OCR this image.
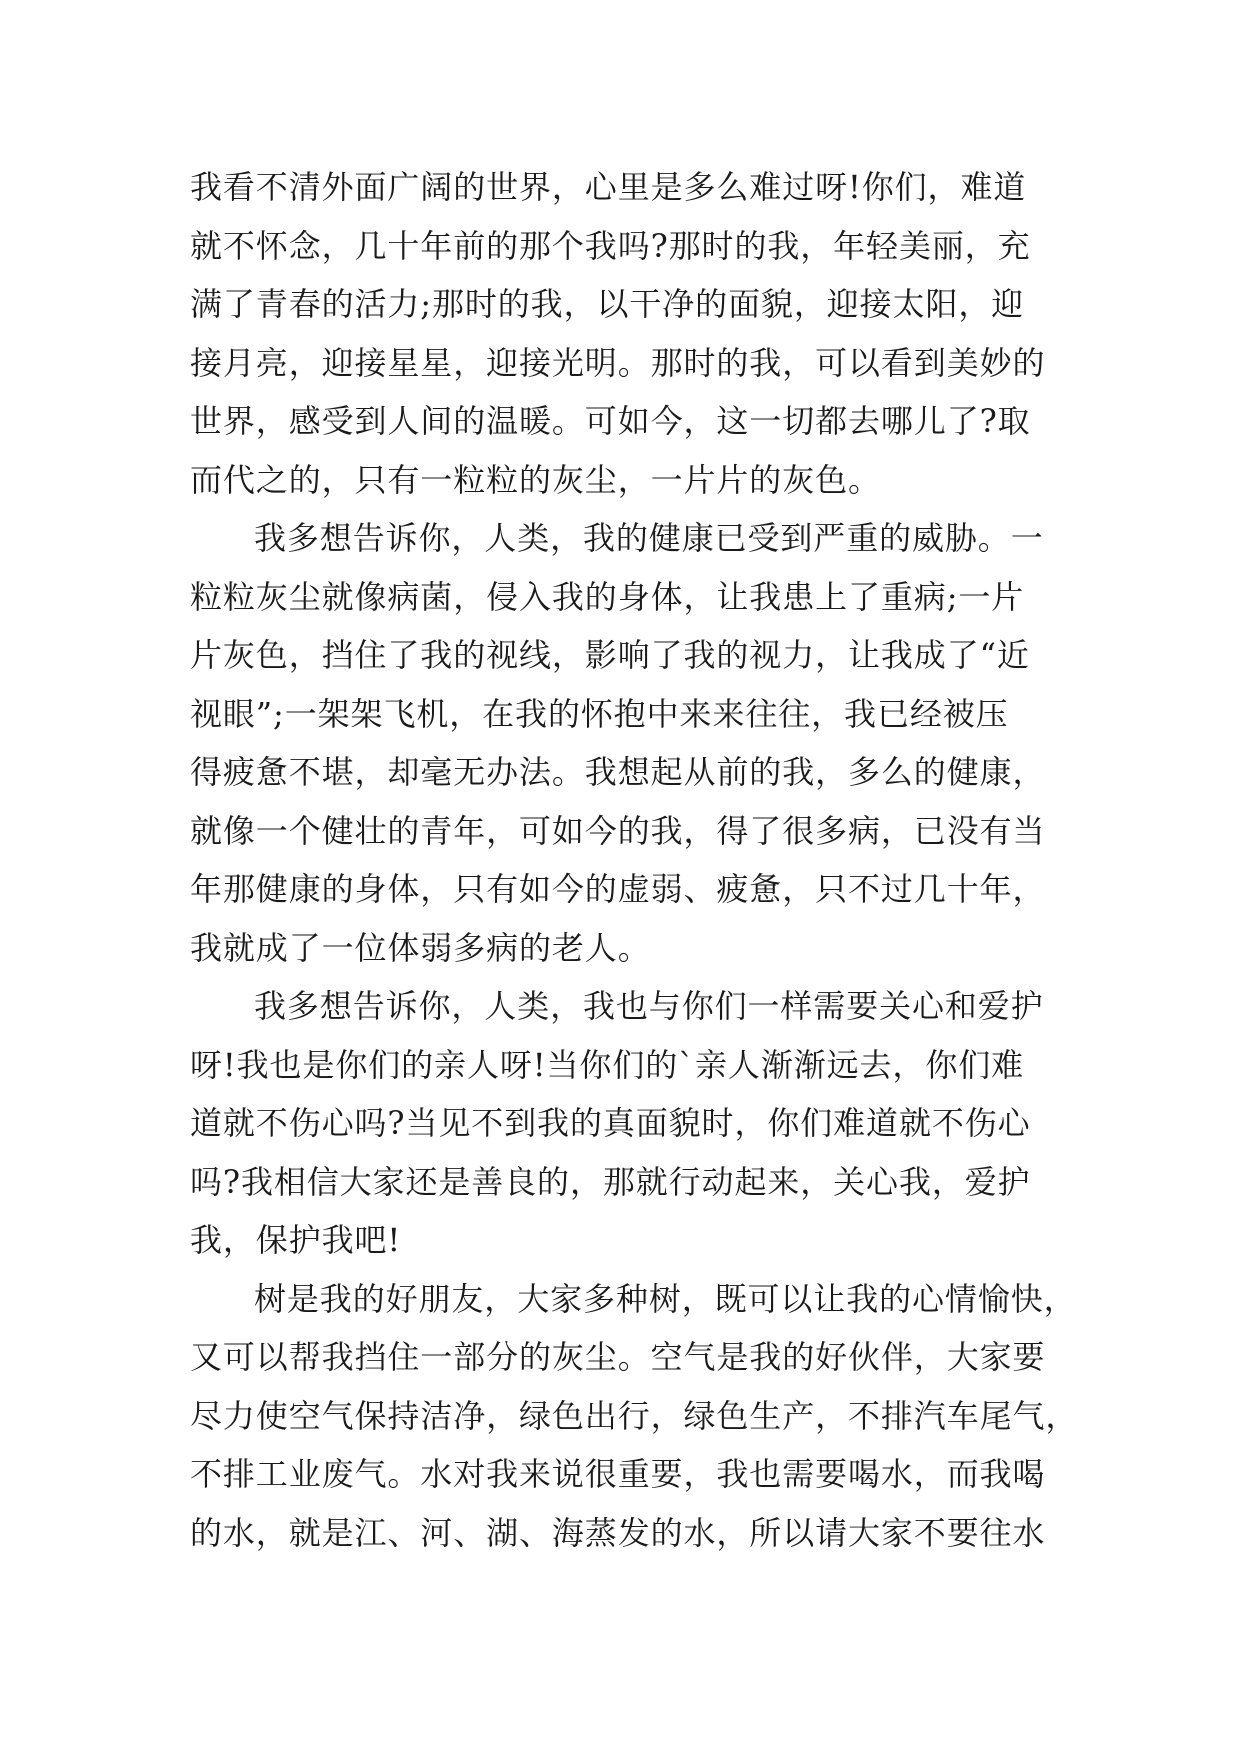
我看不清外面广阔的世界，心里是多么难过呀!你们，难道
就不怀念，几十年前的那个我吗?那时的我，年轻美丽，充
满了青春的活力;那时的我，以干净的面貌，迎接太阳，迎
接月亮，迎接星星，迎接光明。那时的我，可以看到美妙的
世界，感受到人间的温暖。可如今，这一切都去哪儿了?取
而代之的，只有一粒粒的灰尘，一片片的灰色。
我多想告诉你，人类，我的健康已受到严重的威胁。一
粒粒灰尘就像病菌，侵入我的身体，让我患上了重病;一片
片灰色，挡住了我的视线，影响了我的视力，让我成了“近
视眼”;一架架飞机，在我的怀抱中来来往往，我已经被压
得疲惫不堪，却毫无办法。我想起从前的我，多么的健康，
就像一个健壮的青年，可如今的我，得了很多病，已没有当
年那健康的身体，只有如今的虚弱、疲惫，只不过几十年，
我就成了一位体弱多病的老人。
我多想告诉你，人类，我也与你们一样需要关心和爱护
呀!我也是你们的亲人呀!当你们的`亲人渐渐远去，你们难
道就不伤心吗?当见不到我的真面貌时，你们难道就不伤心
吗?我相信大家还是善良的，那就行动起来，关心我，爱护
我，保护我吧!
树是我的好朋友，大家多种树，既可以让我的心情愉快，
又可以帮我挡住一部分的灰尘。空气是我的好伙伴，大家要
尽力使空气保持洁净，绿色出行，绿色生产，不排汽车尾气，
不排工业废气。水对我来说很重要，我也需要喝水，而我喝
的水，就是江、河、湖、海蒸发的水，所以请大家不要往水
